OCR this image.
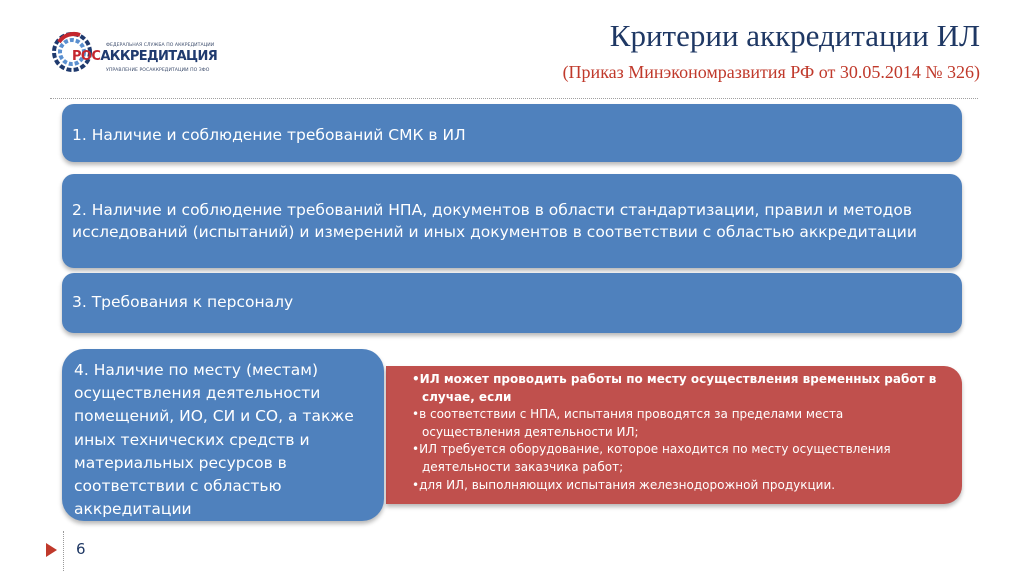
ФЕДЕРАЛЬНАЯ СЛУЖБА ПО АККРЕДИТАЦИИ
РОСАККРЕДИТАЦИЯ
УПРАВЛЕНИЕ РОСАККРЕДИТАЦИИ ПО ЗФО
Критерии аккредитации ИЛ
(Приказ Минэкономразвития РФ от 30.05.2014 № 326)
1. Наличие и соблюдение требований СМК в ИЛ
2. Наличие и соблюдение требований НПА, документов в области стандартизации, правил и методов
исследований (испытаний) и измерений и иных документов в соответствии с областью аккредитации
3. Требования к персоналу
4. Наличие по месту (местам)
осуществления деятельности
помещений, ИО, СИ и СО, а также
иных технических средств и
материальных ресурсов в
соответствии с областью
аккредитации

•ИЛ может проводить работы по месту осуществления временных работ в

случае, если

•в соответствии с НПА, испытания проводятся за пределами места

осуществления деятельности ИЛ;

•ИЛ требуется оборудование, которое находится по месту осуществления

деятельности заказчика работ;

•для ИЛ, выполняющих испытания железнодорожной продукции.

6
